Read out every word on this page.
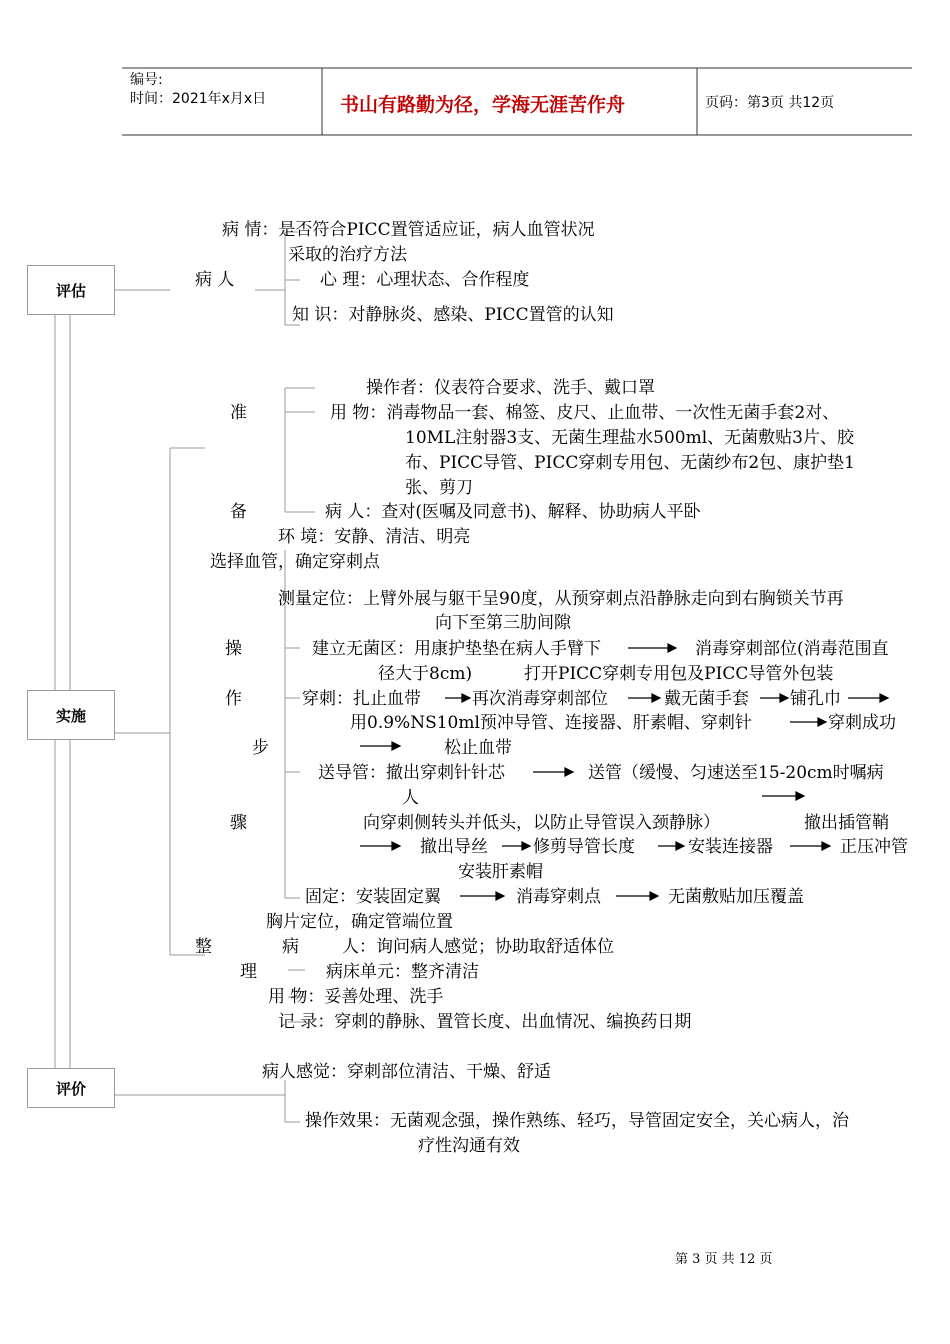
编号:
时间：2021年x月x日	书山有路勤为径，学海无涯苦作舟	页码：第3页 共12页
评估
实施
评价
病 情：是否符合PICC置管适应证，病人血管状况
采取的治疗方法
病 人	心 理：心理状态、合作程度
知 识：对静脉炎、感染、PICC置管的认知
操作者：仪表符合要求、洗手、戴口罩
准	用 物：消毒物品一套、棉签、皮尺、止血带、一次性无菌手套2对、
10ML注射器3支、无菌生理盐水500ml、无菌敷贴3片、胶
布、PICC导管、PICC穿刺专用包、无菌纱布2包、康护垫1
张、剪刀
备	病 人：查对(医嘱及同意书)、解释、协助病人平卧
环 境：安静、清洁、明亮
选择血管，确定穿刺点
测量定位：上臂外展与躯干呈90度，从预穿刺点沿静脉走向到右胸锁关节再
向下至第三肋间隙
操	建立无菌区：用康护垫垫在病人手臂下	消毒穿刺部位(消毒范围直
径大于8cm)	打开PICC穿刺专用包及PICC导管外包装
作	穿刺：扎止血带	再次消毒穿刺部位	戴无菌手套 铺孔巾
用0.9%NS10ml预冲导管、连接器、肝素帽、穿刺针	穿刺成功
步	松止血带
送导管：撤出穿刺针针芯	送管（缓慢、匀速送至15-20cm时嘱病
人
骤	向穿刺侧转头并低头，以防止导管误入颈静脉）	撤出插管鞘
撤出导丝	修剪导管长度	安装连接器	正压冲管
安装肝素帽
固定：安装固定翼	消毒穿刺点	无菌敷贴加压覆盖
胸片定位，确定管端位置
整	病	人：询问病人感觉；协助取舒适体位
理	病床单元：整齐清洁
用 物：妥善处理、洗手
记 录：穿刺的静脉、置管长度、出血情况、编换药日期
病人感觉：穿刺部位清洁、干燥、舒适
操作效果：无菌观念强，操作熟练、轻巧，导管固定安全，关心病人，治
疗性沟通有效
第 3 页 共 12 页
